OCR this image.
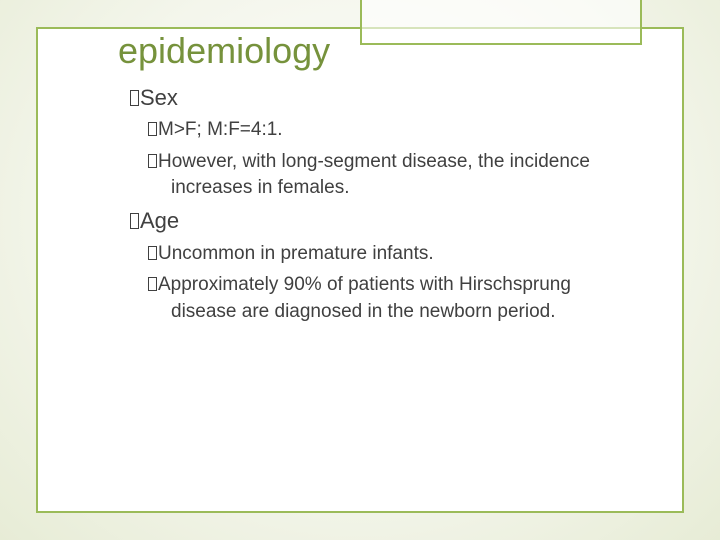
epidemiology
Sex
M>F; M:F=4:1.
However, with long-segment disease, the incidence
increases in females.
Age
Uncommon in premature infants.
Approximately 90% of patients with Hirschsprung
disease are diagnosed in the newborn period.
